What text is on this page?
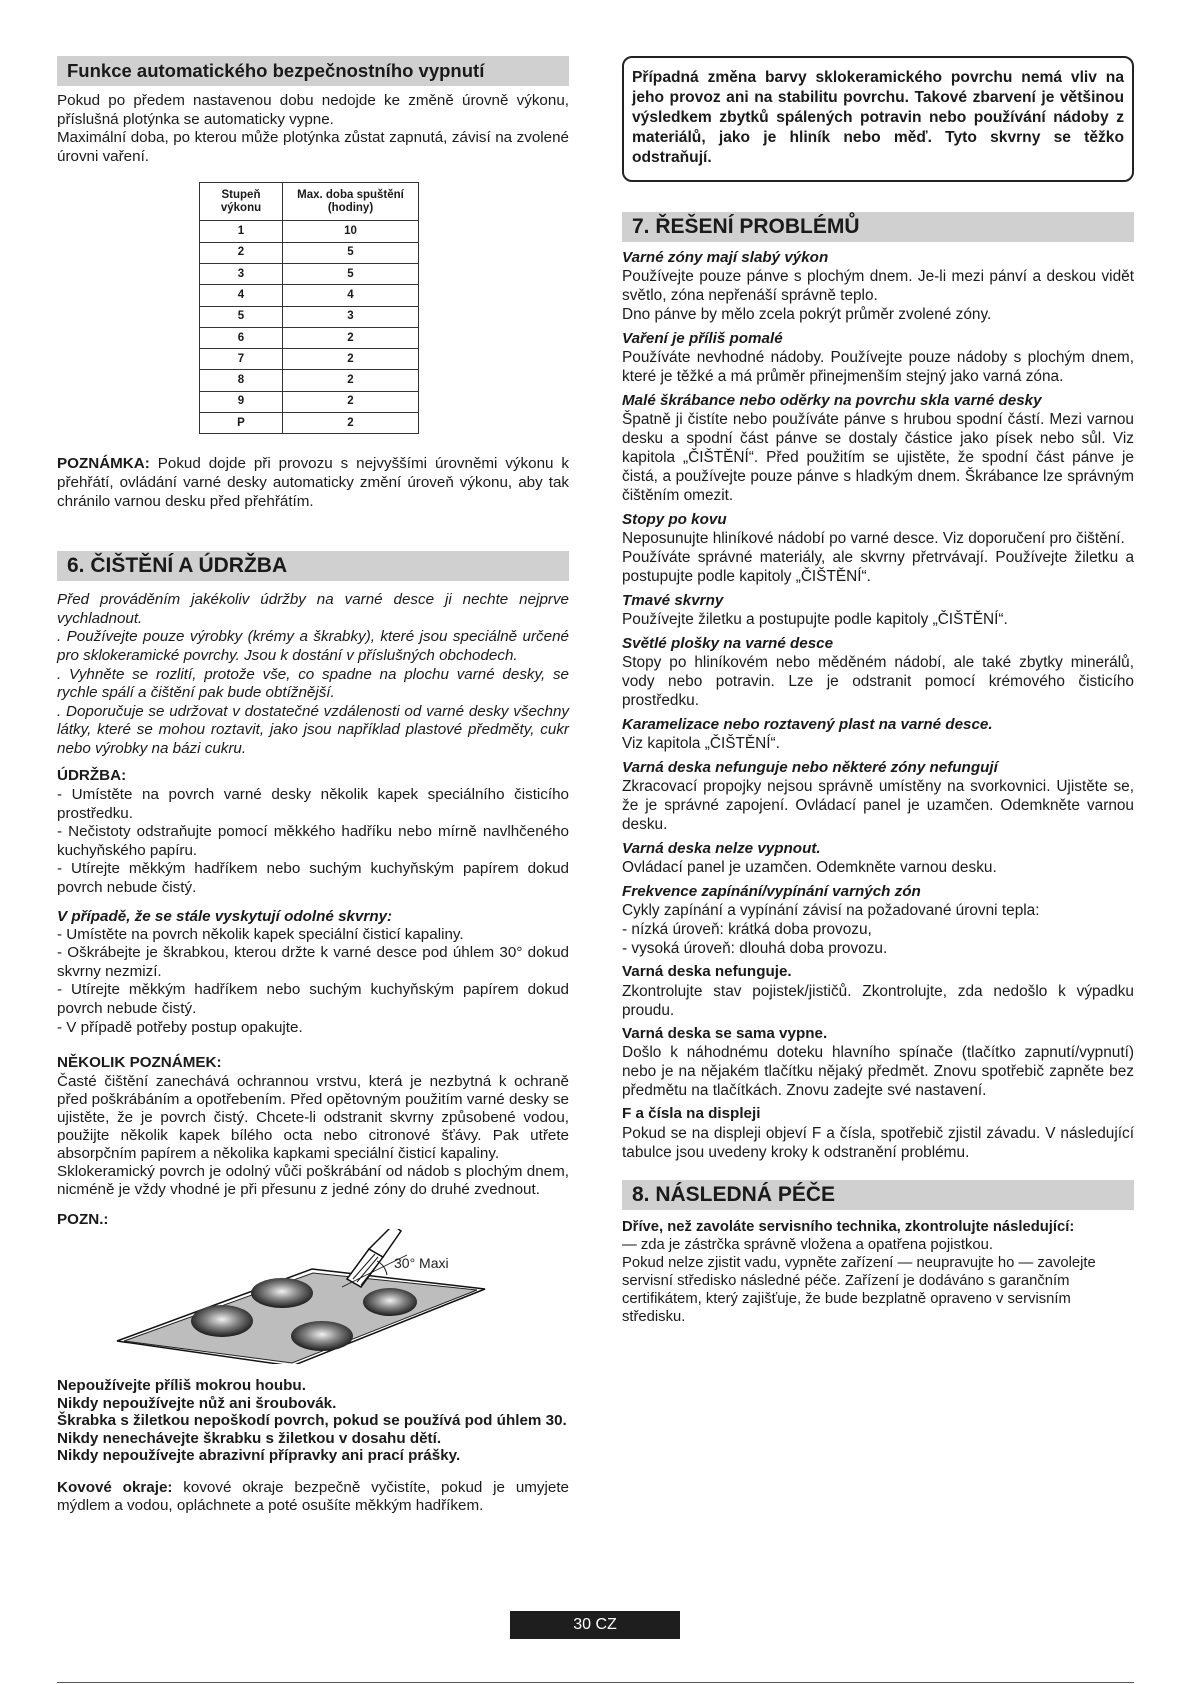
Funkce automatického bezpečnostního vypnutí

Pokud po předem nastavenou dobu nedojde ke změně úrovně výkonu, příslušná plotýnka se automaticky vypne.

Maximální doba, po kterou může plotýnka zůstat zapnutá, závisí na zvolené úrovni vaření.

Stupeň výkonu	Max. doba spuštění (hodiny)
1	10
2	5
3	5
4	4
5	3
6	2
7	2
8	2
9	2
P	2

POZNÁMKA: Pokud dojde při provozu s nejvyššími úrovněmi výkonu k přehřátí, ovládání varné desky automaticky změní úroveň výkonu, aby tak chránilo varnou desku před přehřátím.

6. ČIŠTĚNÍ A ÚDRŽBA

Před prováděním jakékoliv údržby na varné desce ji nechte nejprve vychladnout.

. Používejte pouze výrobky (krémy a škrabky), které jsou speciálně určené pro sklokeramické povrchy. Jsou k dostání v příslušných obchodech.

. Vyhněte se rozlití, protože vše, co spadne na plochu varné desky, se rychle spálí a čištění pak bude obtížnější.

. Doporučuje se udržovat v dostatečné vzdálenosti od varné desky všechny látky, které se mohou roztavit, jako jsou například plastové předměty, cukr nebo výrobky na bázi cukru.

ÚDRŽBA:

- Umístěte na povrch varné desky několik kapek speciálního čisticího prostředku.

- Nečistoty odstraňujte pomocí měkkého hadříku nebo mírně navlhčeného kuchyňského papíru.

- Utírejte měkkým hadříkem nebo suchým kuchyňským papírem dokud povrch nebude čistý.

V případě, že se stále vyskytují odolné skvrny:

- Umístěte na povrch několik kapek speciální čisticí kapaliny.

- Oškrábejte je škrabkou, kterou držte k varné desce pod úhlem 30° dokud skvrny nezmizí.

- Utírejte měkkým hadříkem nebo suchým kuchyňským papírem dokud povrch nebude čistý.

- V případě potřeby postup opakujte.

NĚKOLIK POZNÁMEK:

Časté čištění zanechává ochrannou vrstvu, která je nezbytná k ochraně před poškrábáním a opotřebením. Před opětovným použitím varné desky se ujistěte, že je povrch čistý. Chcete-li odstranit skvrny způsobené vodou, použijte několik kapek bílého octa nebo citronové šťávy. Pak utřete absorpčním papírem a několika kapkami speciální čisticí kapaliny.

Sklokeramický povrch je odolný vůči poškrábání od nádob s plochým dnem, nicméně je vždy vhodné je při přesunu z jedné zóny do druhé zvednout.

POZN.:

30° Maxi

Nepoužívejte příliš mokrou houbu.

Nikdy nepoužívejte nůž ani šroubovák.

Škrabka s žiletkou nepoškodí povrch, pokud se používá pod úhlem 30.

Nikdy nenechávejte škrabku s žiletkou v dosahu dětí.

Nikdy nepoužívejte abrazivní přípravky ani prací prášky.

Kovové okraje: kovové okraje bezpečně vyčistíte, pokud je umyjete mýdlem a vodou, opláchnete a poté osušíte měkkým hadříkem.

Případná změna barvy sklokeramického povrchu nemá vliv na jeho provoz ani na stabilitu povrchu. Takové zbarvení je většinou výsledkem zbytků spálených potravin nebo používání nádoby z materiálů, jako je hliník nebo měď. Tyto skvrny se těžko odstraňují.
7. ŘEŠENÍ PROBLÉMŮ

Varné zóny mají slabý výkon

Používejte pouze pánve s plochým dnem. Je-li mezi pánví a deskou vidět světlo, zóna nepřenáší správně teplo.
Dno pánve by mělo zcela pokrýt průměr zvolené zóny.

Vaření je příliš pomalé

Používáte nevhodné nádoby. Používejte pouze nádoby s plochým dnem, které je těžké a má průměr přinejmenším stejný jako varná zóna.

Malé škrábance nebo oděrky na povrchu skla varné desky

Špatně ji čistíte nebo používáte pánve s hrubou spodní částí. Mezi varnou desku a spodní část pánve se dostaly částice jako písek nebo sůl. Viz kapitola „ČIŠTĚNÍ“. Před použitím se ujistěte, že spodní část pánve je čistá, a používejte pouze pánve s hladkým dnem. Škrábance lze správným čištěním omezit.

Stopy po kovu

Neposunujte hliníkové nádobí po varné desce. Viz doporučení pro čištění.
Používáte správné materiály, ale skvrny přetrvávají. Používejte žiletku a postupujte podle kapitoly „ČIŠTĚNÍ“.

Tmavé skvrny

Používejte žiletku a postupujte podle kapitoly „ČIŠTĚNÍ“.

Světlé plošky na varné desce

Stopy po hliníkovém nebo měděném nádobí, ale také zbytky minerálů, vody nebo potravin. Lze je odstranit pomocí krémového čisticího prostředku.

Karamelizace nebo roztavený plast na varné desce.

Viz kapitola „ČIŠTĚNÍ“.

Varná deska nefunguje nebo některé zóny nefungují

Zkracovací propojky nejsou správně umístěny na svorkovnici. Ujistěte se, že je správné zapojení. Ovládací panel je uzamčen. Odemkněte varnou desku.

Varná deska nelze vypnout.

Ovládací panel je uzamčen. Odemkněte varnou desku.

Frekvence zapínání/vypínání varných zón

Cykly zapínání a vypínání závisí na požadované úrovni tepla:
- nízká úroveň: krátká doba provozu,
- vysoká úroveň: dlouhá doba provozu.

Varná deska nefunguje.

Zkontrolujte stav pojistek/jističů. Zkontrolujte, zda nedošlo k výpadku proudu.

Varná deska se sama vypne.

Došlo k náhodnému doteku hlavního spínače (tlačítko zapnutí/vypnutí) nebo je na nějakém tlačítku nějaký předmět. Znovu spotřebič zapněte bez předmětu na tlačítkách. Znovu zadejte své nastavení.

F a čísla na displeji

Pokud se na displeji objeví F a čísla, spotřebič zjistil závadu. V následující tabulce jsou uvedeny kroky k odstranění problému.

8. NÁSLEDNÁ PÉČE

Dříve, než zavoláte servisního technika, zkontrolujte následující:

— zda je zástrčka správně vložena a opatřena pojistkou.
Pokud nelze zjistit vadu, vypněte zařízení — neupravujte ho — zavolejte servisní středisko následné péče. Zařízení je dodáváno s garančním certifikátem, který zajišťuje, že bude bezplatně opraveno v servisním středisku.

30 CZ
